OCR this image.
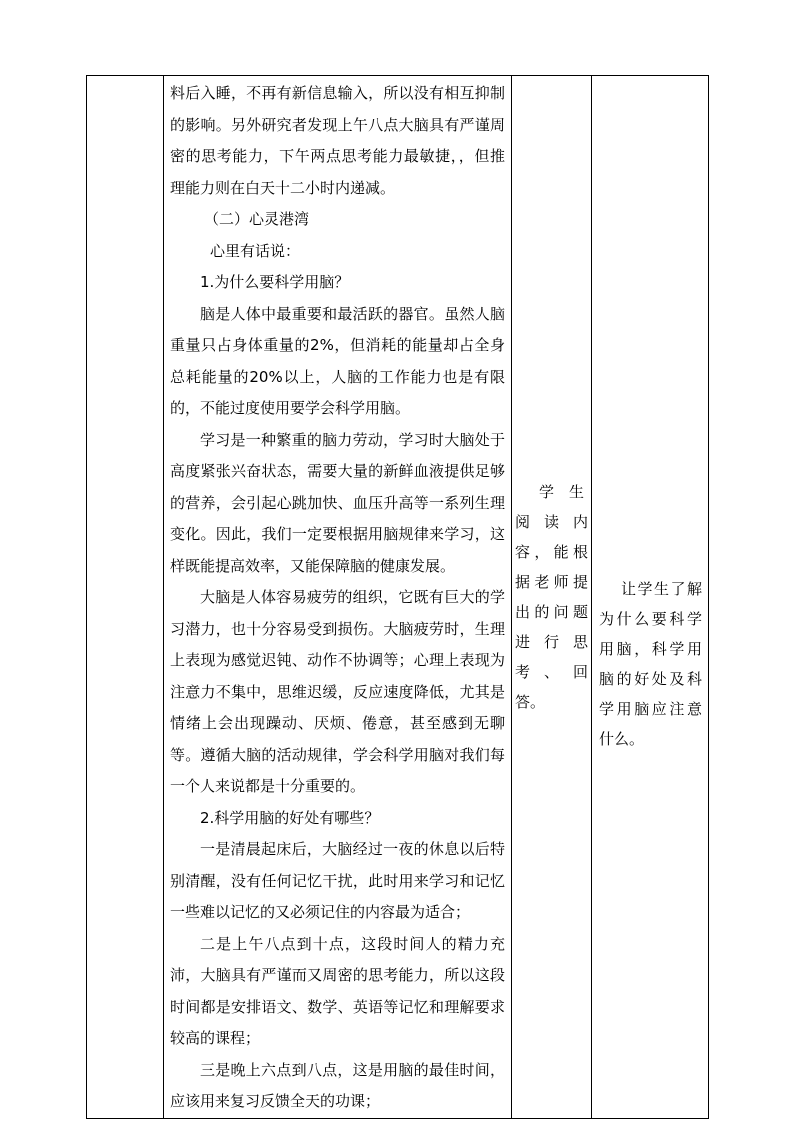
料后入睡，不再有新信息输入，所以没有相互抑制的影响。另外研究者发现上午八点大脑具有严谨周密的思考能力，下午两点思考能力最敏捷，，但推理能力则在白天十二小时内递减。

（二）心灵港湾

心里有话说：

1.为什么要科学用脑？

脑是人体中最重要和最活跃的器官。虽然人脑重量只占身体重量的2%，但消耗的能量却占全身总耗能量的20%以上，人脑的工作能力也是有限的，不能过度使用要学会科学用脑。

学习是一种繁重的脑力劳动，学习时大脑处于高度紧张兴奋状态，需要大量的新鲜血液提供足够的营养，会引起心跳加快、血压升高等一系列生理变化。因此，我们一定要根据用脑规律来学习，这样既能提高效率，又能保障脑的健康发展。

大脑是人体容易疲劳的组织，它既有巨大的学习潜力，也十分容易受到损伤。大脑疲劳时，生理上表现为感觉迟钝、动作不协调等；心理上表现为注意力不集中，思维迟缓，反应速度降低，尤其是情绪上会出现躁动、厌烦、倦意，甚至感到无聊等。遵循大脑的活动规律，学会科学用脑对我们每一个人来说都是十分重要的。

2.科学用脑的好处有哪些？

一是清晨起床后，大脑经过一夜的休息以后特别清醒，没有任何记忆干扰，此时用来学习和记忆一些难以记忆的又必须记住的内容最为适合；

二是上午八点到十点，这段时间人的精力充沛，大脑具有严谨而又周密的思考能力，所以这段时间都是安排语文、数学、英语等记忆和理解要求较高的课程；

三是晚上六点到八点，这是用脑的最佳时间，应该用来复习反馈全天的功课；

学　生
阅读内容，能根据老师提出的问题进行思考、回答。

让学生了解为什么要科学用脑，科学用脑的好处及科学用脑应注意什么。
